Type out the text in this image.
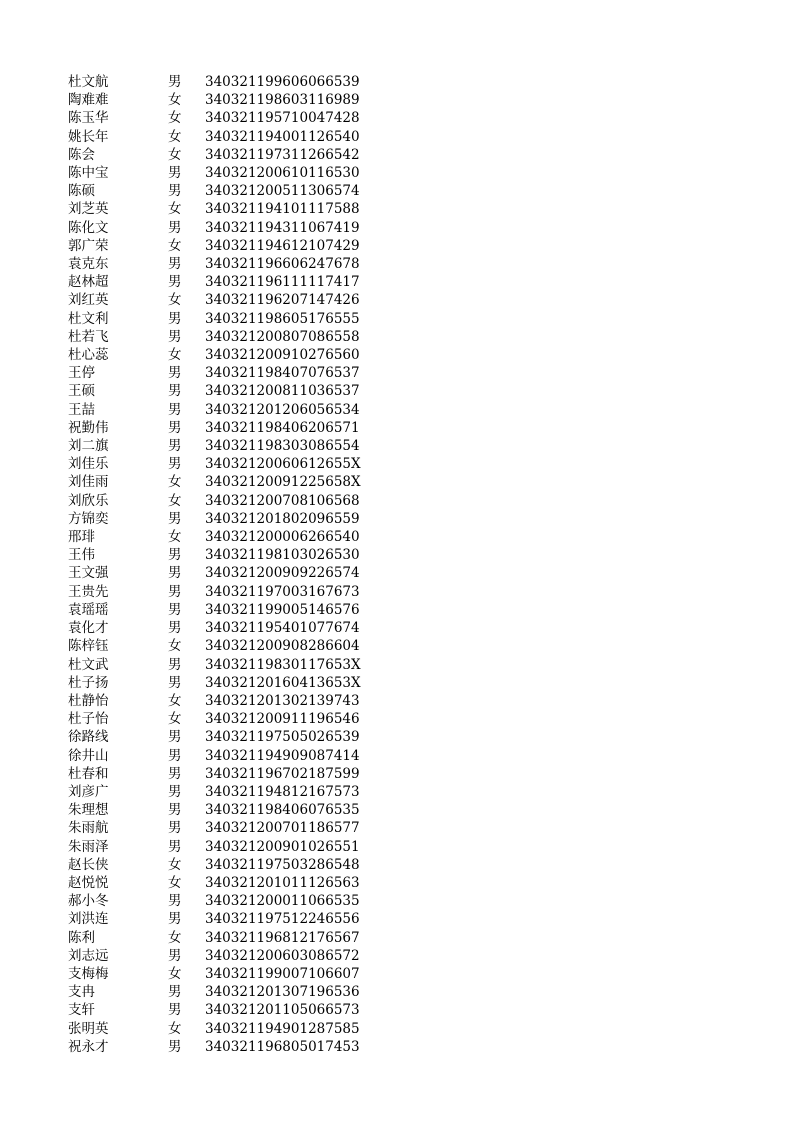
杜文航	男	340321199606066539
陶难难	女	340321198603116989
陈玉华	女	340321195710047428
姚长年	女	340321194001126540
陈会	女	340321197311266542
陈中宝	男	340321200610116530
陈硕	男	340321200511306574
刘芝英	女	340321194101117588
陈化文	男	340321194311067419
郭广荣	女	340321194612107429
袁克东	男	340321196606247678
赵林超	男	340321196111117417
刘红英	女	340321196207147426
杜文利	男	340321198605176555
杜若飞	男	340321200807086558
杜心蕊	女	340321200910276560
王停	男	340321198407076537
王硕	男	340321200811036537
王喆	男	340321201206056534
祝勤伟	男	340321198406206571
刘二旗	男	340321198303086554
刘佳乐	男	34032120060612655X
刘佳雨	女	34032120091225658X
刘欣乐	女	340321200708106568
方锦奕	男	340321201802096559
邢琲	女	340321200006266540
王伟	男	340321198103026530
王文强	男	340321200909226574
王贵先	男	340321197003167673
袁瑶瑶	男	340321199005146576
袁化才	男	340321195401077674
陈梓钰	女	340321200908286604
杜文武	男	34032119830117653X
杜子扬	男	34032120160413653X
杜静怡	女	340321201302139743
杜子怡	女	340321200911196546
徐路线	男	340321197505026539
徐井山	男	340321194909087414
杜春和	男	340321196702187599
刘彦广	男	340321194812167573
朱理想	男	340321198406076535
朱雨航	男	340321200701186577
朱雨泽	男	340321200901026551
赵长侠	女	340321197503286548
赵悦悦	女	340321201011126563
郝小冬	男	340321200011066535
刘洪连	男	340321197512246556
陈利	女	340321196812176567
刘志远	男	340321200603086572
支梅梅	女	340321199007106607
支冉	男	340321201307196536
支轩	男	340321201105066573
张明英	女	340321194901287585
祝永才	男	340321196805017453
